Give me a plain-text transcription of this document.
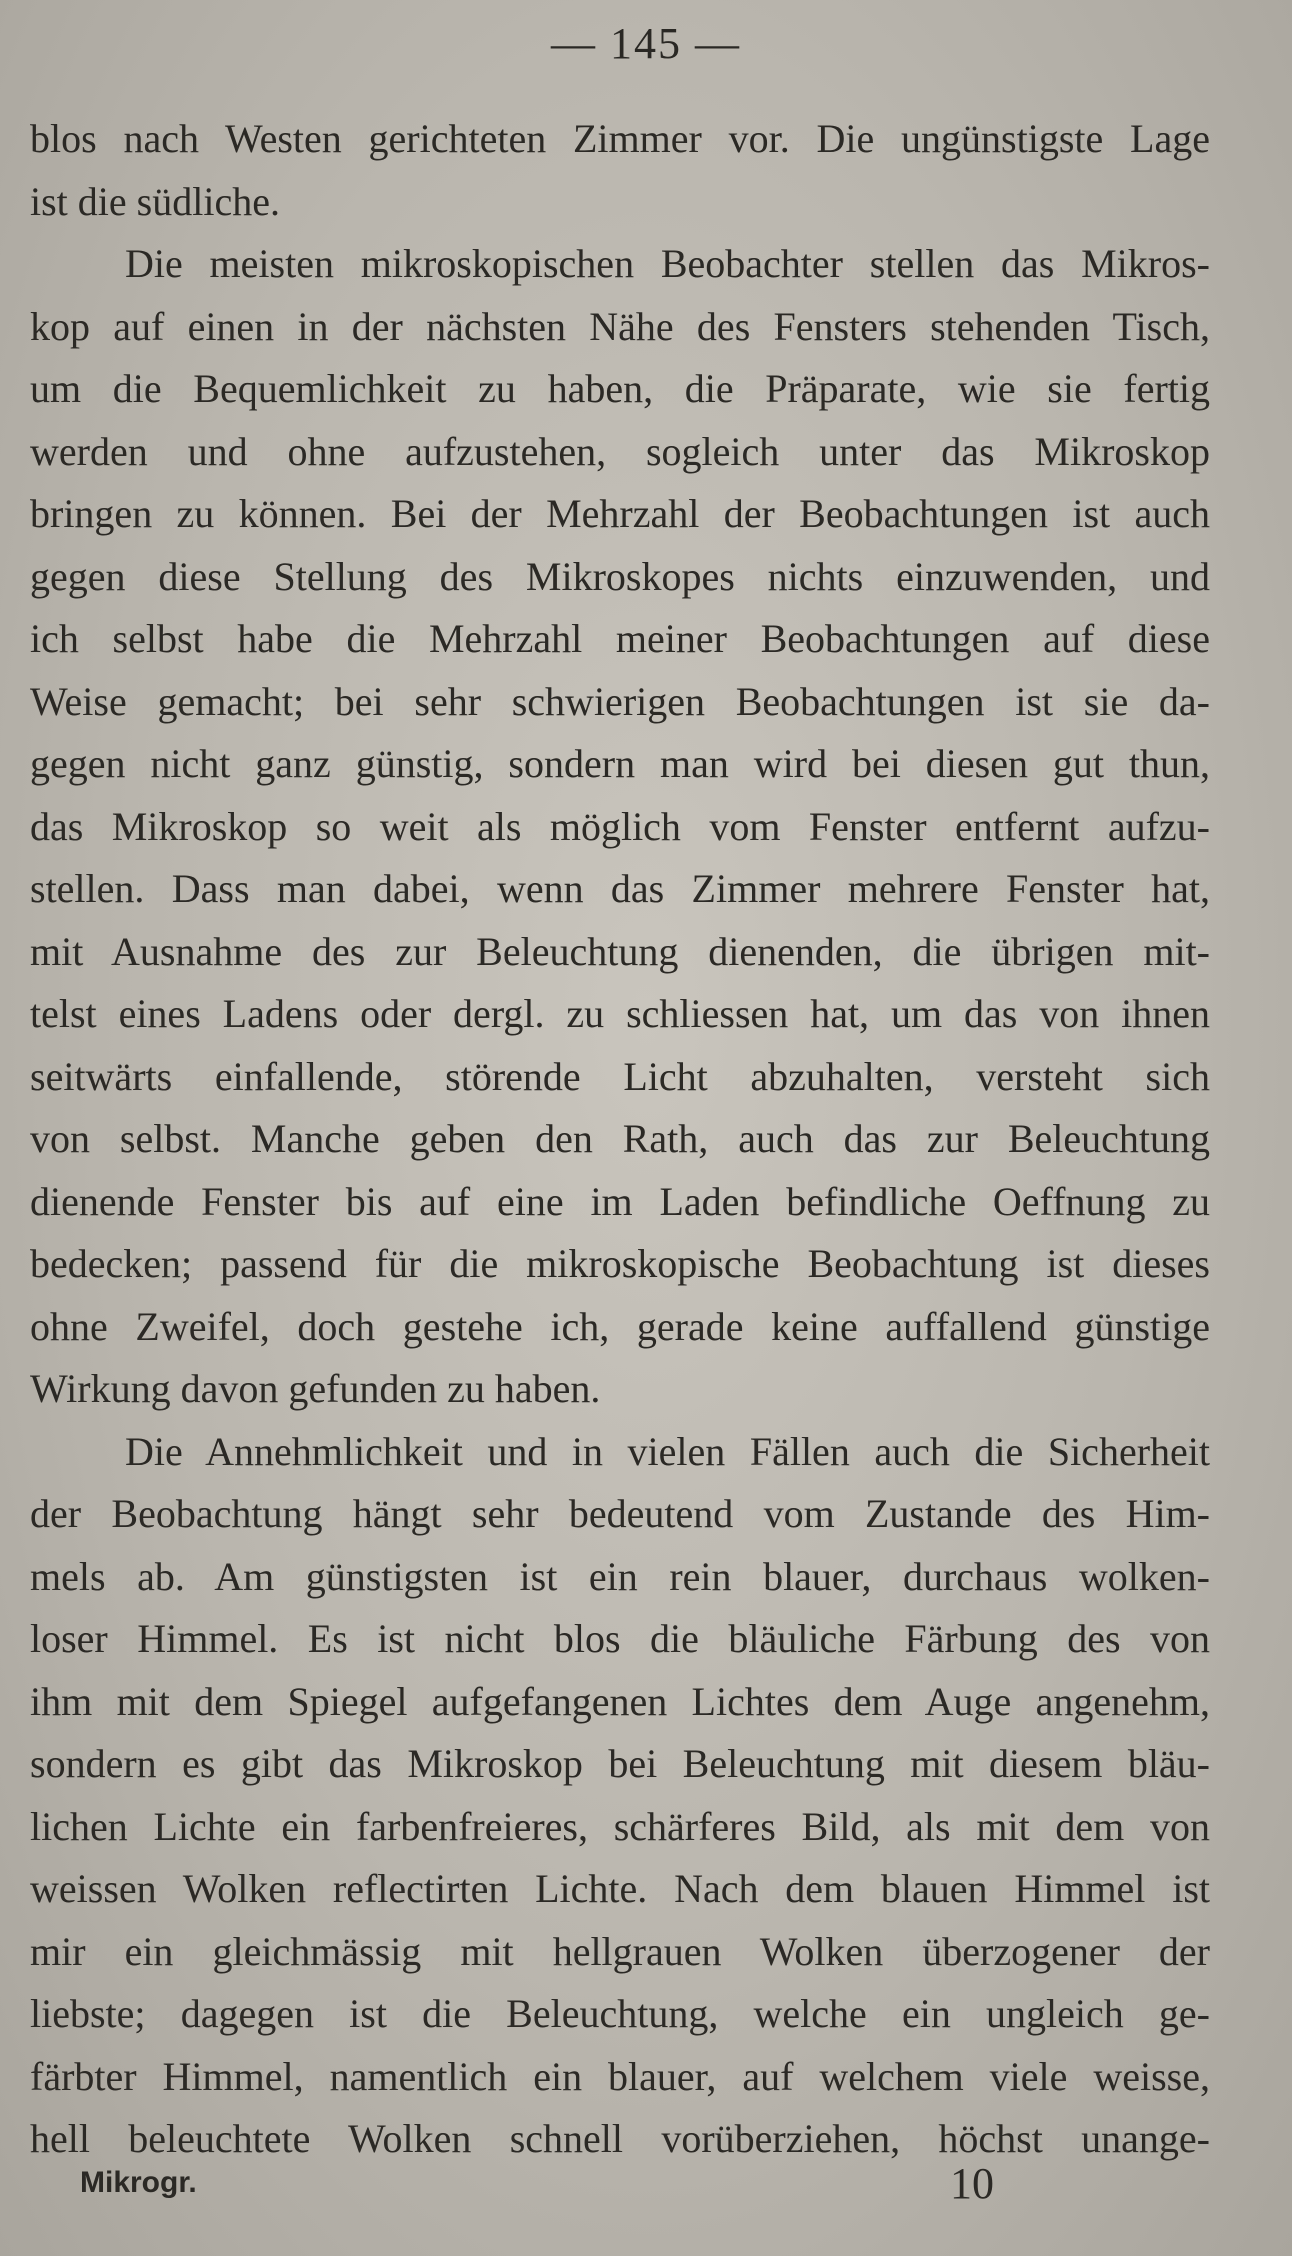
— 145 —
blos nach Westen gerichteten Zimmer vor. Die ungünstigste Lage
ist die südliche.
Die meisten mikroskopischen Beobachter stellen das Mikros-
kop auf einen in der nächsten Nähe des Fensters stehenden Tisch,
um die Bequemlichkeit zu haben, die Präparate, wie sie fertig
werden und ohne aufzustehen, sogleich unter das Mikroskop
bringen zu können. Bei der Mehrzahl der Beobachtungen ist auch
gegen diese Stellung des Mikroskopes nichts einzuwenden, und
ich selbst habe die Mehrzahl meiner Beobachtungen auf diese
Weise gemacht; bei sehr schwierigen Beobachtungen ist sie da-
gegen nicht ganz günstig, sondern man wird bei diesen gut thun,
das Mikroskop so weit als möglich vom Fenster entfernt aufzu-
stellen. Dass man dabei, wenn das Zimmer mehrere Fenster hat,
mit Ausnahme des zur Beleuchtung dienenden, die übrigen mit-
telst eines Ladens oder dergl. zu schliessen hat, um das von ihnen
seitwärts einfallende, störende Licht abzuhalten, versteht sich
von selbst. Manche geben den Rath, auch das zur Beleuchtung
dienende Fenster bis auf eine im Laden befindliche Oeffnung zu
bedecken; passend für die mikroskopische Beobachtung ist dieses
ohne Zweifel, doch gestehe ich, gerade keine auffallend günstige
Wirkung davon gefunden zu haben.
Die Annehmlichkeit und in vielen Fällen auch die Sicherheit
der Beobachtung hängt sehr bedeutend vom Zustande des Him-
mels ab. Am günstigsten ist ein rein blauer, durchaus wolken-
loser Himmel. Es ist nicht blos die bläuliche Färbung des von
ihm mit dem Spiegel aufgefangenen Lichtes dem Auge angenehm,
sondern es gibt das Mikroskop bei Beleuchtung mit diesem bläu-
lichen Lichte ein farbenfreieres, schärferes Bild, als mit dem von
weissen Wolken reflectirten Lichte. Nach dem blauen Himmel ist
mir ein gleichmässig mit hellgrauen Wolken überzogener der
liebste; dagegen ist die Beleuchtung, welche ein ungleich ge-
färbter Himmel, namentlich ein blauer, auf welchem viele weisse,
hell beleuchtete Wolken schnell vorüberziehen, höchst unange-
Mikrogr.	10
